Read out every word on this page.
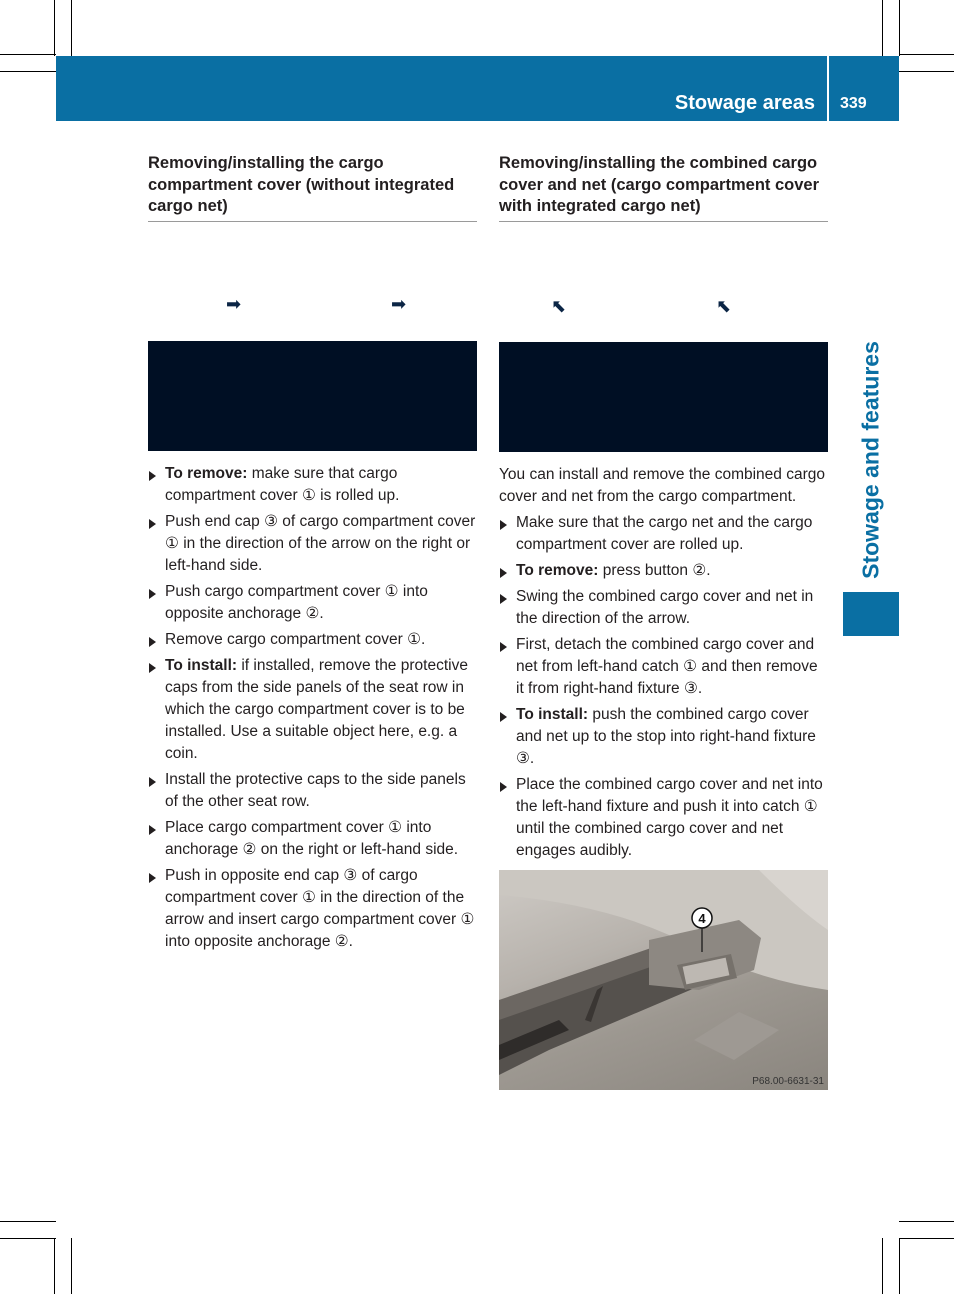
Stowage areas 339
Stowage and features
Removing/installing the cargo compartment cover (without integrated cargo net)
➡	➡
To remove: make sure that cargo compartment cover ① is rolled up.
Push end cap ③ of cargo compartment cover ① in the direction of the arrow on the right or left-hand side.
Push cargo compartment cover ① into opposite anchorage ②.
Remove cargo compartment cover ①.
To install: if installed, remove the protective caps from the side panels of the seat row in which the cargo compartment cover is to be installed. Use a suitable object here, e.g. a coin.
Install the protective caps to the side panels of the other seat row.
Place cargo compartment cover ① into anchorage ② on the right or left-hand side.
Push in opposite end cap ③ of cargo compartment cover ① in the direction of the arrow and insert cargo compartment cover ① into opposite anchorage ②.
Removing/installing the combined cargo cover and net (cargo compartment cover with integrated cargo net)
⬉	⬉
You can install and remove the combined cargo cover and net from the cargo compartment.
Make sure that the cargo net and the cargo compartment cover are rolled up.
To remove: press button ②.
Swing the combined cargo cover and net in the direction of the arrow.
First, detach the combined cargo cover and net from left-hand catch ① and then remove it from right-hand fixture ③.
To install: push the combined cargo cover and net up to the stop into right-hand fixture ③.
Place the combined cargo cover and net into the left-hand fixture and push it into catch ① until the combined cargo cover and net engages audibly.
4
P68.00-6631-31
